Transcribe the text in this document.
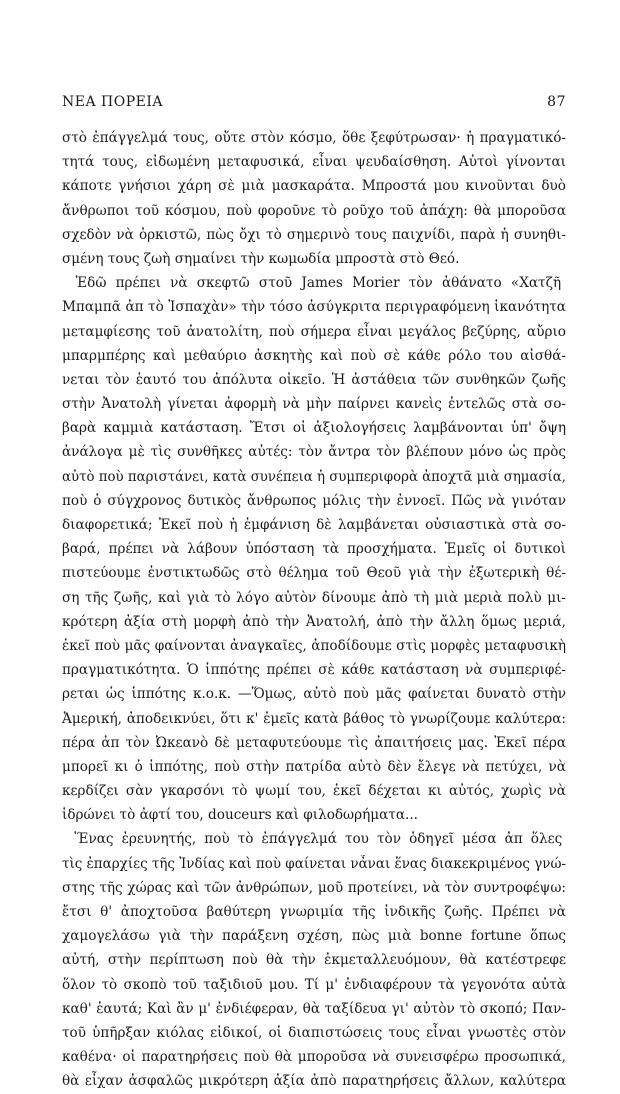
ΝΕΑ ΠΟΡΕΙΑ	87
στὸ ἐπάγγελμά τους, οὔτε στὸν κόσμο, ὅθε ξεφύτρωσαν· ἡ πραγματικό-
τητά τους, εἰδωμένη μεταφυσικά, εἶναι ψευδαίσθηση. Αὐτοὶ γίνονται
κάποτε γνήσιοι χάρη σὲ μιὰ μασκαράτα. Μπροστά μου κινοῦνται δυὸ
ἄνθρωποι τοῦ κόσμου, ποὺ φοροῦνε τὸ ροῦχο τοῦ ἀπάχη: θὰ μποροῦσα
σχεδὸν νὰ ὁρκιστῶ, πὼς ὄχι τὸ σημερινὸ τους παιχνίδι, παρὰ ἡ συνηθι-
σμένη τους ζωὴ σημαίνει τὴν κωμωδία μπροστὰ στὸ Θεό.
Ἐδῶ πρέπει νὰ σκεφτῶ στοῦ James Morier τὸν ἀθάνατο «Χατζῆ
Μπαμπᾶ ἀπ τὸ Ἰσπαχὰν» τὴν τόσο ἀσύγκριτα περιγραφόμενη ἱκανότητα
μεταμφίεσης τοῦ ἀνατολίτη, ποὺ σήμερα εἶναι μεγάλος βεζύρης, αὔριο
μπαρμπέρης καὶ μεθαύριο ἀσκητὴς καὶ ποὺ σὲ κάθε ρόλο του αἰσθά-
νεται τὸν ἑαυτό του ἀπόλυτα οἰκεῖο. Ἡ ἀστάθεια τῶν συνθηκῶν ζωῆς
στὴν Ἀνατολὴ γίνεται ἀφορμὴ νὰ μὴν παίρνει κανεὶς ἐντελῶς στὰ σο-
βαρὰ καμμιὰ κατάσταση. Ἔτσι οἱ ἀξιολογήσεις λαμβάνονται ὑπ' ὄψη
ἀνάλογα μὲ τὶς συνθῆκες αὐτές: τὸν ἄντρα τὸν βλέπουν μόνο ὡς πρὸς
αὐτὸ ποὺ παριστάνει, κατὰ συνέπεια ἡ συμπεριφορὰ ἀποχτᾶ μιὰ σημασία,
ποὺ ὁ σύγχρονος δυτικὸς ἄνθρωπος μόλις τὴν ἐννοεῖ. Πῶς νὰ γινόταν
διαφορετικά; Ἐκεῖ ποὺ ἡ ἐμφάνιση δὲ λαμβάνεται οὐσιαστικὰ στὰ σο-
βαρά, πρέπει νὰ λάβουν ὑπόσταση τὰ προσχήματα. Ἐμεῖς οἱ δυτικοὶ
πιστεύουμε ἐνστικτωδῶς στὸ θέλημα τοῦ Θεοῦ γιὰ τὴν ἐξωτερικὴ θέ-
ση τῆς ζωῆς, καὶ γιὰ τὸ λόγο αὐτὸν δίνουμε ἀπὸ τὴ μιὰ μεριὰ πολὺ μι-
κρότερη ἀξία στὴ μορφὴ ἀπὸ τὴν Ἀνατολή, ἀπὸ τὴν ἄλλη ὅμως μεριά,
ἐκεῖ ποὺ μᾶς φαίνονται ἀναγκαῖες, ἀποδίδουμε στὶς μορφὲς μεταφυσικὴ
πραγματικότητα. Ὁ ἱππότης πρέπει σὲ κάθε κατάσταση νὰ συμπεριφέ-
ρεται ὡς ἱππότης κ.ο.κ. —Ὅμως, αὐτὸ ποὺ μᾶς φαίνεται δυνατὸ στὴν
Ἀμερική, ἀποδεικνύει, ὅτι κ' ἐμεῖς κατὰ βάθος τὸ γνωρίζουμε καλύτερα:
πέρα ἀπ τὸν Ὠκεανὸ δὲ μεταφυτεύουμε τὶς ἀπαιτήσεις μας. Ἐκεῖ πέρα
μπορεῖ κι ὁ ἱππότης, ποὺ στὴν πατρίδα αὐτὸ δὲν ἔλεγε νὰ πετύχει, νὰ
κερδίζει σὰν γκαρσόνι τὸ ψωμί του, ἐκεῖ δέχεται κι αὐτός, χωρὶς νὰ
ἱδρώνει τὸ ἀφτί του, douceurs καὶ φιλοδωρήματα...
Ἕνας ἐρευνητής, ποὺ τὸ ἐπάγγελμά του τὸν ὁδηγεῖ μέσα ἀπ ὅλες
τὶς ἐπαρχίες τῆς Ἰνδίας καὶ ποὺ φαίνεται νἆναι ἕνας διακεκριμένος γνώ-
στης τῆς χώρας καὶ τῶν ἀνθρώπων, μοῦ προτείνει, νὰ τὸν συντροφέψω:
ἔτσι θ' ἀποχτοῦσα βαθύτερη γνωριμία τῆς ἰνδικῆς ζωῆς. Πρέπει νὰ
χαμογελάσω γιὰ τὴν παράξενη σχέση, πὼς μιὰ bonne fortune ὅπως
αὐτή, στὴν περίπτωση ποὺ θὰ τὴν ἐκμεταλλευόμουν, θὰ κατέστρεφε
ὅλον τὸ σκοπὸ τοῦ ταξιδιοῦ μου. Τί μ' ἐνδιαφέρουν τὰ γεγονότα αὐτὰ
καθ' ἑαυτά; Καὶ ἂν μ' ἐνδιέφεραν, θὰ ταξίδευα γι' αὐτὸν τὸ σκοπό; Παν-
τοῦ ὑπῆρξαν κιόλας εἰδικοί, οἱ διαπιστώσεις τους εἶναι γνωστὲς στὸν
καθένα· οἱ παρατηρήσεις ποὺ θὰ μποροῦσα νὰ συνεισφέρω προσωπικά,
θὰ εἶχαν ἀσφαλῶς μικρότερη ἀξία ἀπὸ παρατηρήσεις ἄλλων, καλύτερα
